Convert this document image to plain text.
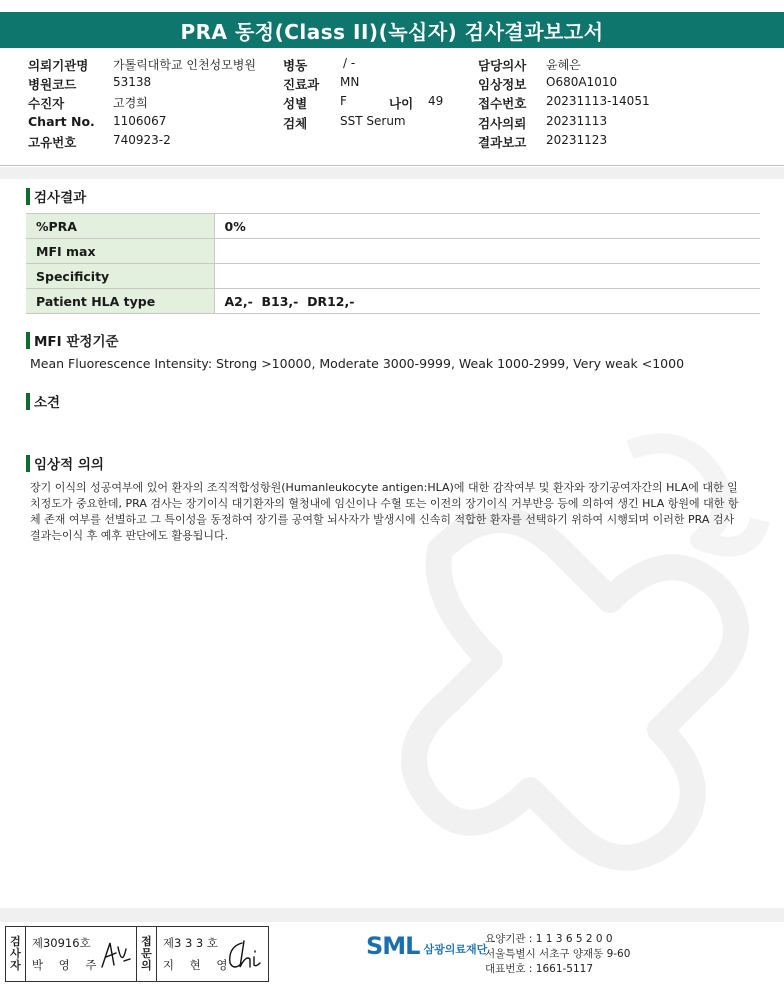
PRA 동정(Class II)(녹십자) 검사결과보고서
의뢰기관명 가톨릭대학교 인천성모병원 병동	/ -	담당의사 윤혜은
병원코드	53138	진료과 MN	임상정보 O680A1010
수진자	고경희	성별	F	나이 49	접수번호 20231113-14051
Chart No. 1106067	검체	SST Serum	검사의뢰 20231113
고유번호	740923-2	결과보고 20231123
검사결과
%PRA	0%
MFI max	
Specificity	
Patient HLA type	A2,-  B13,-  DR12,-
MFI 판정기준
Mean Fluorescence Intensity: Strong >10000, Moderate 3000-9999, Weak 1000-2999, Very weak <1000
소견
임상적 의의
장기 이식의 성공여부에 있어 환자의 조직적합성항원(Humanleukocyte antigen:HLA)에 대한 감작여부 및 환자와 장기공여자간의 HLA에 대한 일치정도가 중요한데, PRA 검사는 장기이식 대기환자의 혈청내에 임신이나 수혈 또는 이전의 장기이식 거부반응 등에 의하여 생긴 HLA 항원에 대한 항체 존재 여부를 선별하고 그 특이성을 동정하여 장기를 공여할 뇌사자가 발생시에 신속히 적합한 환자를 선택하기 위하여 시행되며 이러한 PRA 검사결과는이식 후 예후 판단에도 활용됩니다.
검
사
자
제30916호
박 영 주
접
문
의
제3 3 3 호
지 현 영
SML 삼광의료재단
요양기관 : 1 1 3 6 5 2 0 0
서울특별시 서초구 양재동 9-60
대표번호 : 1661-5117
